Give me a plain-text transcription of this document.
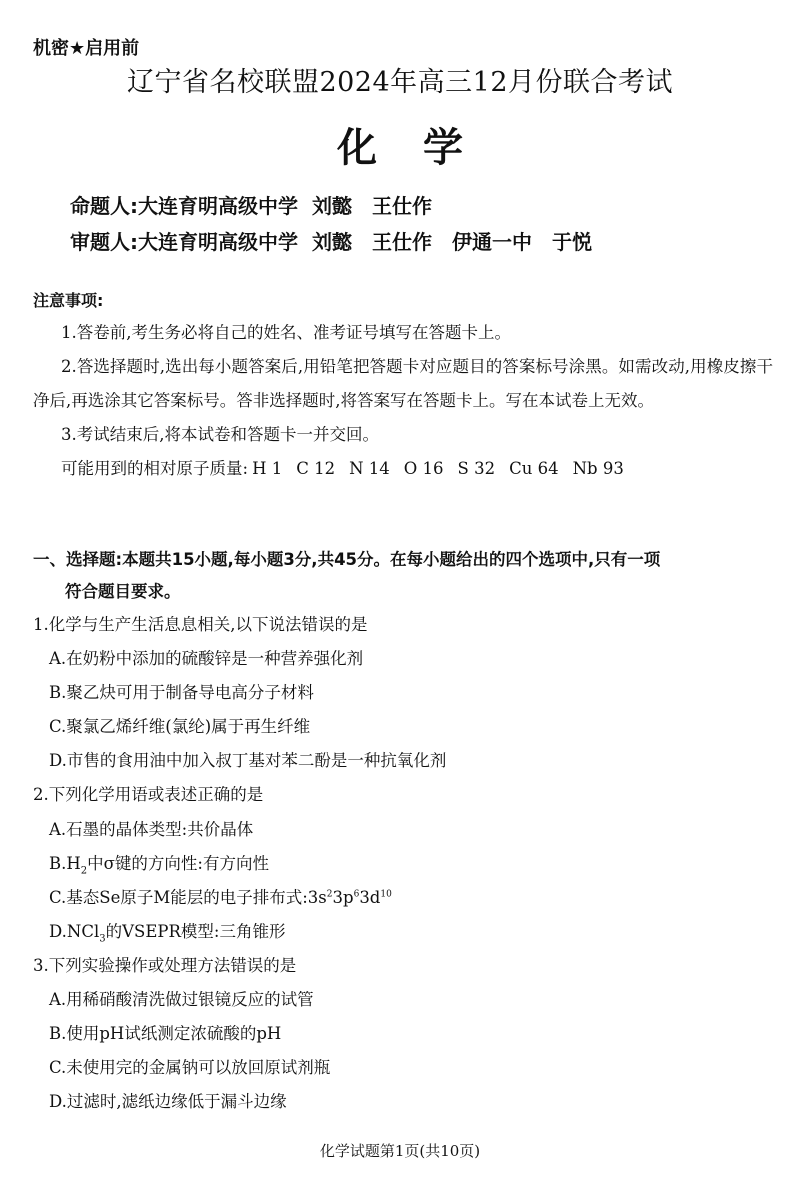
机密★启用前
辽宁省名校联盟2024年高三12月份联合考试
化 学
命题人:大连育明高级中学 刘懿 王仕作
审题人:大连育明高级中学 刘懿 王仕作 伊通一中 于悦
注意事项:

1.答卷前,考生务必将自己的姓名、准考证号填写在答题卡上。

2.答选择题时,选出每小题答案后,用铅笔把答题卡对应题目的答案标号涂黑。如需改动,用橡皮擦干净后,再选涂其它答案标号。答非选择题时,将答案写在答题卡上。写在本试卷上无效。

3.考试结束后,将本试卷和答题卡一并交回。

可能用到的相对原子质量: H 1 C 12 N 14 O 16 S 32 Cu 64 Nb 93

一、选择题:本题共15小题,每小题3分,共45分。在每小题给出的四个选项中,只有一项
符合题目要求。

1.化学与生产生活息息相关,以下说法错误的是

A.在奶粉中添加的硫酸锌是一种营养强化剂

B.聚乙炔可用于制备导电高分子材料

C.聚氯乙烯纤维(氯纶)属于再生纤维

D.市售的食用油中加入叔丁基对苯二酚是一种抗氧化剂

2.下列化学用语或表述正确的是

A.石墨的晶体类型:共价晶体

$B.H_2$中σ键的方向性:有方向性

C.基态Se原子M能层的电子排布式$:3s^23p^63d^{10}$

D.NCl$_3$的VSEPR模型:三角锥形

3.下列实验操作或处理方法错误的是

A.用稀硝酸清洗做过银镜反应的试管

B.使用pH试纸测定浓硫酸的pH

C.未使用完的金属钠可以放回原试剂瓶

D.过滤时,滤纸边缘低于漏斗边缘

化学试题第1页(共10页)
